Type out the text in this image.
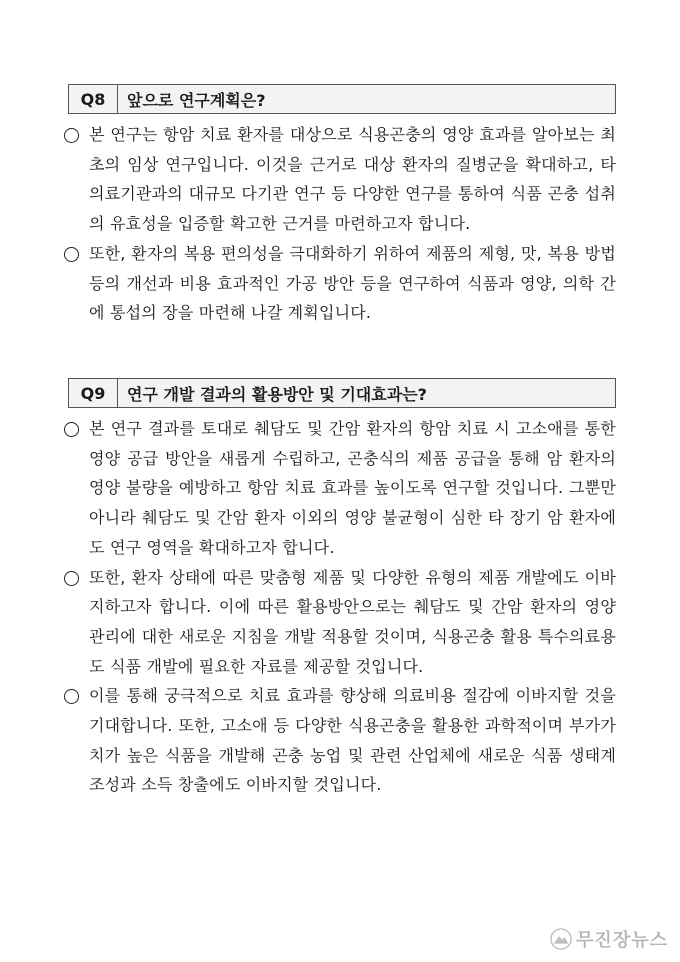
Q8	앞으로 연구계획은?
본 연구는 항암 치료 환자를 대상으로 식용곤충의 영양 효과를 알아보는 최초의 임상 연구입니다. 이것을 근거로 대상 환자의 질병군을 확대하고, 타 의료기관과의 대규모 다기관 연구 등 다양한 연구를 통하여 식품 곤충 섭취의 유효성을 입증할 확고한 근거를 마련하고자 합니다.
또한, 환자의 복용 편의성을 극대화하기 위하여 제품의 제형, 맛, 복용 방법 등의 개선과 비용 효과적인 가공 방안 등을 연구하여 식품과 영양, 의학 간에 통섭의 장을 마련해 나갈 계획입니다.
Q9	연구 개발 결과의 활용방안 및 기대효과는?
본 연구 결과를 토대로 췌담도 및 간암 환자의 항암 치료 시 고소애를 통한 영양 공급 방안을 새롭게 수립하고, 곤충식의 제품 공급을 통해 암 환자의 영양 불량을 예방하고 항암 치료 효과를 높이도록 연구할 것입니다. 그뿐만 아니라 췌담도 및 간암 환자 이외의 영양 불균형이 심한 타 장기 암 환자에도 연구 영역을 확대하고자 합니다.
또한, 환자 상태에 따른 맞춤형 제품 및 다양한 유형의 제품 개발에도 이바지하고자 합니다. 이에 따른 활용방안으로는 췌담도 및 간암 환자의 영양 관리에 대한 새로운 지침을 개발 적용할 것이며, 식용곤충 활용 특수의료용도 식품 개발에 필요한 자료를 제공할 것입니다.
이를 통해 궁극적으로 치료 효과를 향상해 의료비용 절감에 이바지할 것을 기대합니다. 또한, 고소애 등 다양한 식용곤충을 활용한 과학적이며 부가가치가 높은 식품을 개발해 곤충 농업 및 관련 산업체에 새로운 식품 생태계 조성과 소득 창출에도 이바지할 것입니다.
무진장뉴스
